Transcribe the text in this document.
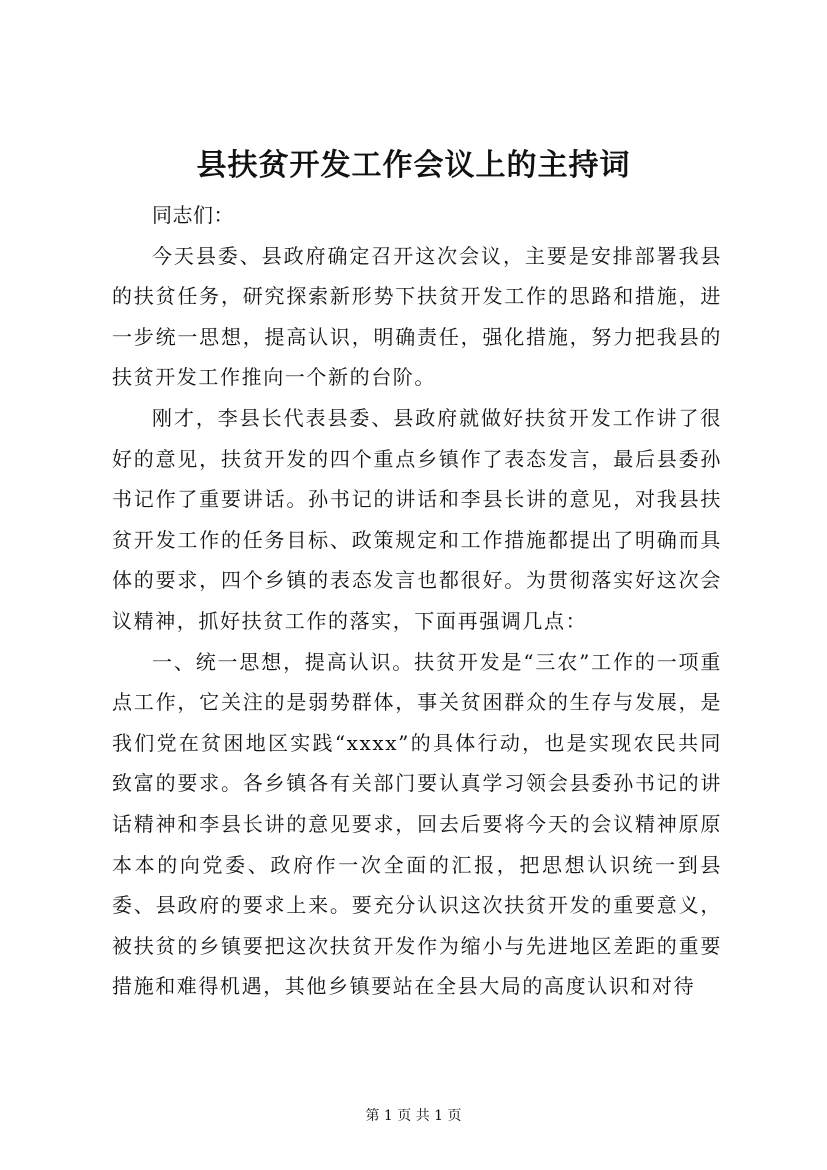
县扶贫开发工作会议上的主持词

同志们：

今天县委、县政府确定召开这次会议，主要是安排部署我县的扶贫任务，研究探索新形势下扶贫开发工作的思路和措施，进一步统一思想，提高认识，明确责任，强化措施，努力把我县的扶贫开发工作推向一个新的台阶。

刚才，李县长代表县委、县政府就做好扶贫开发工作讲了很好的意见，扶贫开发的四个重点乡镇作了表态发言，最后县委孙书记作了重要讲话。孙书记的讲话和李县长讲的意见，对我县扶贫开发工作的任务目标、政策规定和工作措施都提出了明确而具体的要求，四个乡镇的表态发言也都很好。为贯彻落实好这次会议精神，抓好扶贫工作的落实，下面再强调几点：

一、统一思想，提高认识。扶贫开发是“三农”工作的一项重点工作，它关注的是弱势群体，事关贫困群众的生存与发展，是我们党在贫困地区实践“xxxx”的具体行动，也是实现农民共同致富的要求。各乡镇各有关部门要认真学习领会县委孙书记的讲话精神和李县长讲的意见要求，回去后要将今天的会议精神原原本本的向党委、政府作一次全面的汇报，把思想认识统一到县委、县政府的要求上来。要充分认识这次扶贫开发的重要意义，被扶贫的乡镇要把这次扶贫开发作为缩小与先进地区差距的重要措施和难得机遇，其他乡镇要站在全县大局的高度认识和对待

第 1 页 共 1 页
